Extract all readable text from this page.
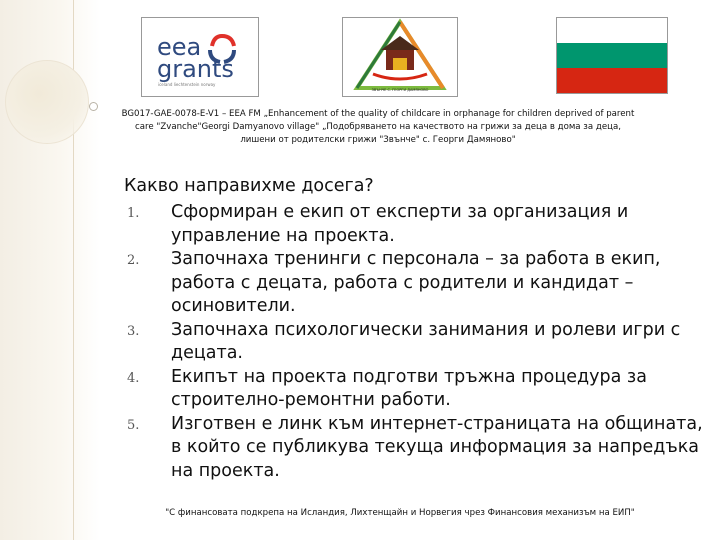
eea
grants
iceland liechtenstein norway
ЗВЪНЧЕ С. ГЕОРГИ ДАМЯНОВО
BG017-GAE-0078-E-V1 – EEA FM „Enhancement of the quality of childcare in orphanage for children deprived of parent care "Zvanche"Georgi Damyanovo village" „Подобряването на качеството на грижи за деца в дома за деца, лишени от родителски грижи "Звънче" с. Георги Дамяново"
Какво направихме досега?
1. Сформиран е екип от експерти за организация и управление на проекта.
2. Започнаха тренинги с персонала – за работа в екип, работа с децата, работа с родители и кандидат – осиновители.
3. Започнаха психологически занимания и ролеви игри с децата.
4. Екипът на проекта подготви тръжна процедура за строително-ремонтни работи.
5. Изготвен е линк към интернет-страницата на общината, в който се публикува текуща информация за напредъка на проекта.
"С финансовата подкрепа на Исландия, Лихтенщайн и Норвегия чрез Финансовия механизъм на ЕИП"
